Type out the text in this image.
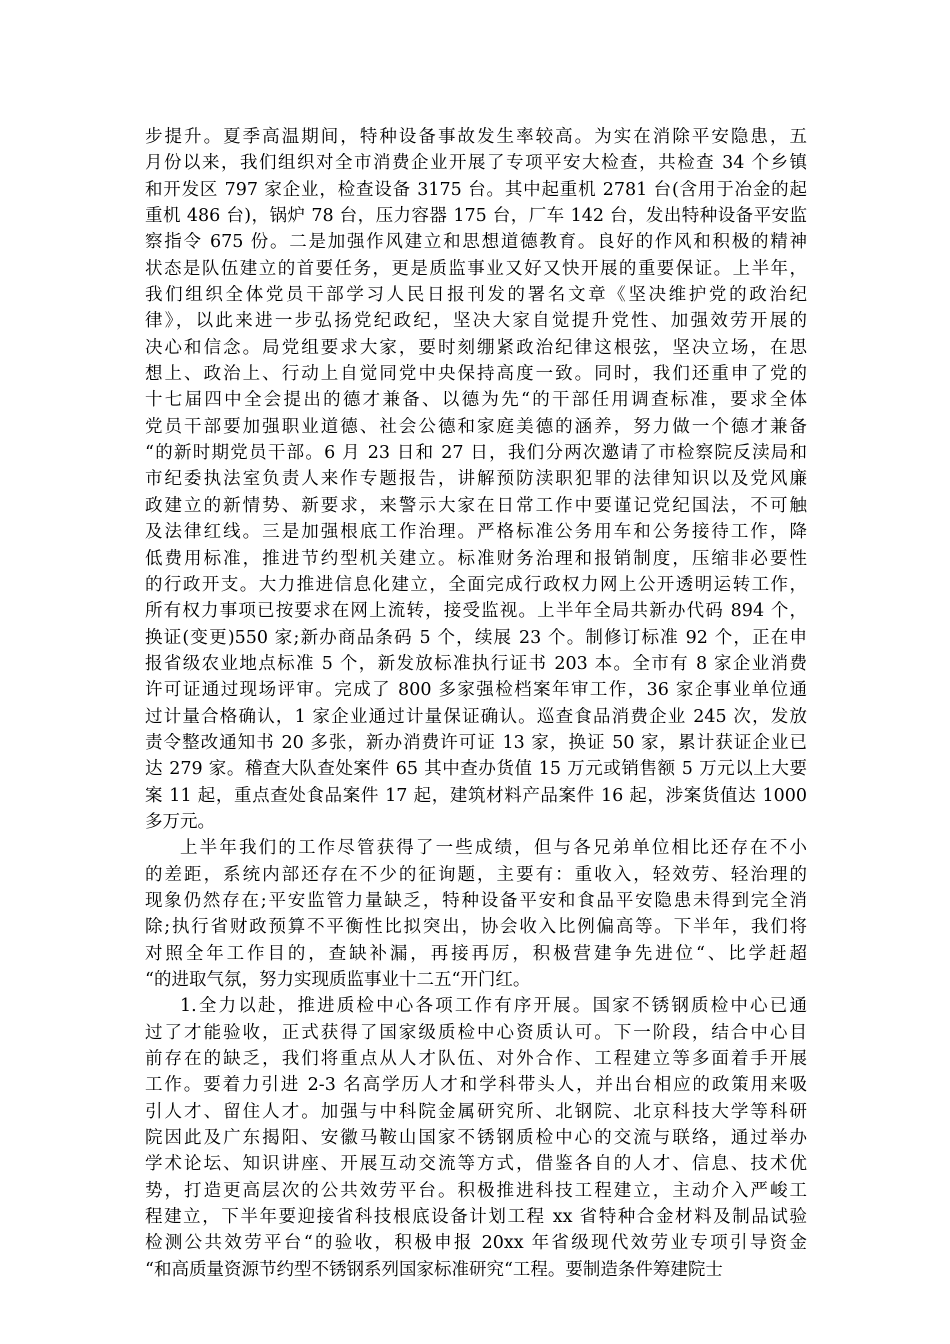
步提升。夏季高温期间，特种设备事故发生率较高。为实在消除平安隐患，五
月份以来，我们组织对全市消费企业开展了专项平安大检查，共检查 34 个乡镇
和开发区 797 家企业，检查设备 3175 台。其中起重机 2781 台(含用于冶金的起
重机 486 台)，锅炉 78 台，压力容器 175 台，厂车 142 台，发出特种设备平安监
察指令 675 份。二是加强作风建立和思想道德教育。良好的作风和积极的精神
状态是队伍建立的首要任务，更是质监事业又好又快开展的重要保证。上半年，
我们组织全体党员干部学习人民日报刊发的署名文章《坚决维护党的政治纪
律》，以此来进一步弘扬党纪政纪，坚决大家自觉提升党性、加强效劳开展的
决心和信念。局党组要求大家，要时刻绷紧政治纪律这根弦，坚决立场，在思
想上、政治上、行动上自觉同党中央保持高度一致。同时，我们还重申了党的
十七届四中全会提出的德才兼备、以德为先“的干部任用调查标准，要求全体
党员干部要加强职业道德、社会公德和家庭美德的涵养，努力做一个德才兼备
“的新时期党员干部。6 月 23 日和 27 日，我们分两次邀请了市检察院反渎局和
市纪委执法室负责人来作专题报告，讲解预防渎职犯罪的法律知识以及党风廉
政建立的新情势、新要求，来警示大家在日常工作中要谨记党纪国法，不可触
及法律红线。三是加强根底工作治理。严格标准公务用车和公务接待工作，降
低费用标准，推进节约型机关建立。标准财务治理和报销制度，压缩非必要性
的行政开支。大力推进信息化建立，全面完成行政权力网上公开透明运转工作，
所有权力事项已按要求在网上流转，接受监视。上半年全局共新办代码 894 个，
换证(变更)550 家;新办商品条码 5 个，续展 23 个。制修订标准 92 个，正在申
报省级农业地点标准 5 个，新发放标准执行证书 203 本。全市有 8 家企业消费
许可证通过现场评审。完成了 800 多家强检档案年审工作，36 家企事业单位通
过计量合格确认，1 家企业通过计量保证确认。巡查食品消费企业 245 次，发放
责令整改通知书 20 多张，新办消费许可证 13 家，换证 50 家，累计获证企业已
达 279 家。稽查大队查处案件 65 其中查办货值 15 万元或销售额 5 万元以上大要
案 11 起，重点查处食品案件 17 起，建筑材料产品案件 16 起，涉案货值达 1000
多万元。
上半年我们的工作尽管获得了一些成绩，但与各兄弟单位相比还存在不小
的差距，系统内部还存在不少的征询题，主要有：重收入，轻效劳、轻治理的
现象仍然存在;平安监管力量缺乏，特种设备平安和食品平安隐患未得到完全消
除;执行省财政预算不平衡性比拟突出，协会收入比例偏高等。下半年，我们将
对照全年工作目的，查缺补漏，再接再厉，积极营建争先进位“、比学赶超
“的进取气氛，努力实现质监事业十二五“开门红。
1.全力以赴，推进质检中心各项工作有序开展。国家不锈钢质检中心已通
过了才能验收，正式获得了国家级质检中心资质认可。下一阶段，结合中心目
前存在的缺乏，我们将重点从人才队伍、对外合作、工程建立等多面着手开展
工作。要着力引进 2-3 名高学历人才和学科带头人，并出台相应的政策用来吸
引人才、留住人才。加强与中科院金属研究所、北钢院、北京科技大学等科研
院因此及广东揭阳、安徽马鞍山国家不锈钢质检中心的交流与联络，通过举办
学术论坛、知识讲座、开展互动交流等方式，借鉴各自的人才、信息、技术优
势，打造更高层次的公共效劳平台。积极推进科技工程建立，主动介入严峻工
程建立，下半年要迎接省科技根底设备计划工程 xx 省特种合金材料及制品试验
检测公共效劳平台“的验收，积极申报 20xx 年省级现代效劳业专项引导资金
“和高质量资源节约型不锈钢系列国家标准研究“工程。要制造条件筹建院士
